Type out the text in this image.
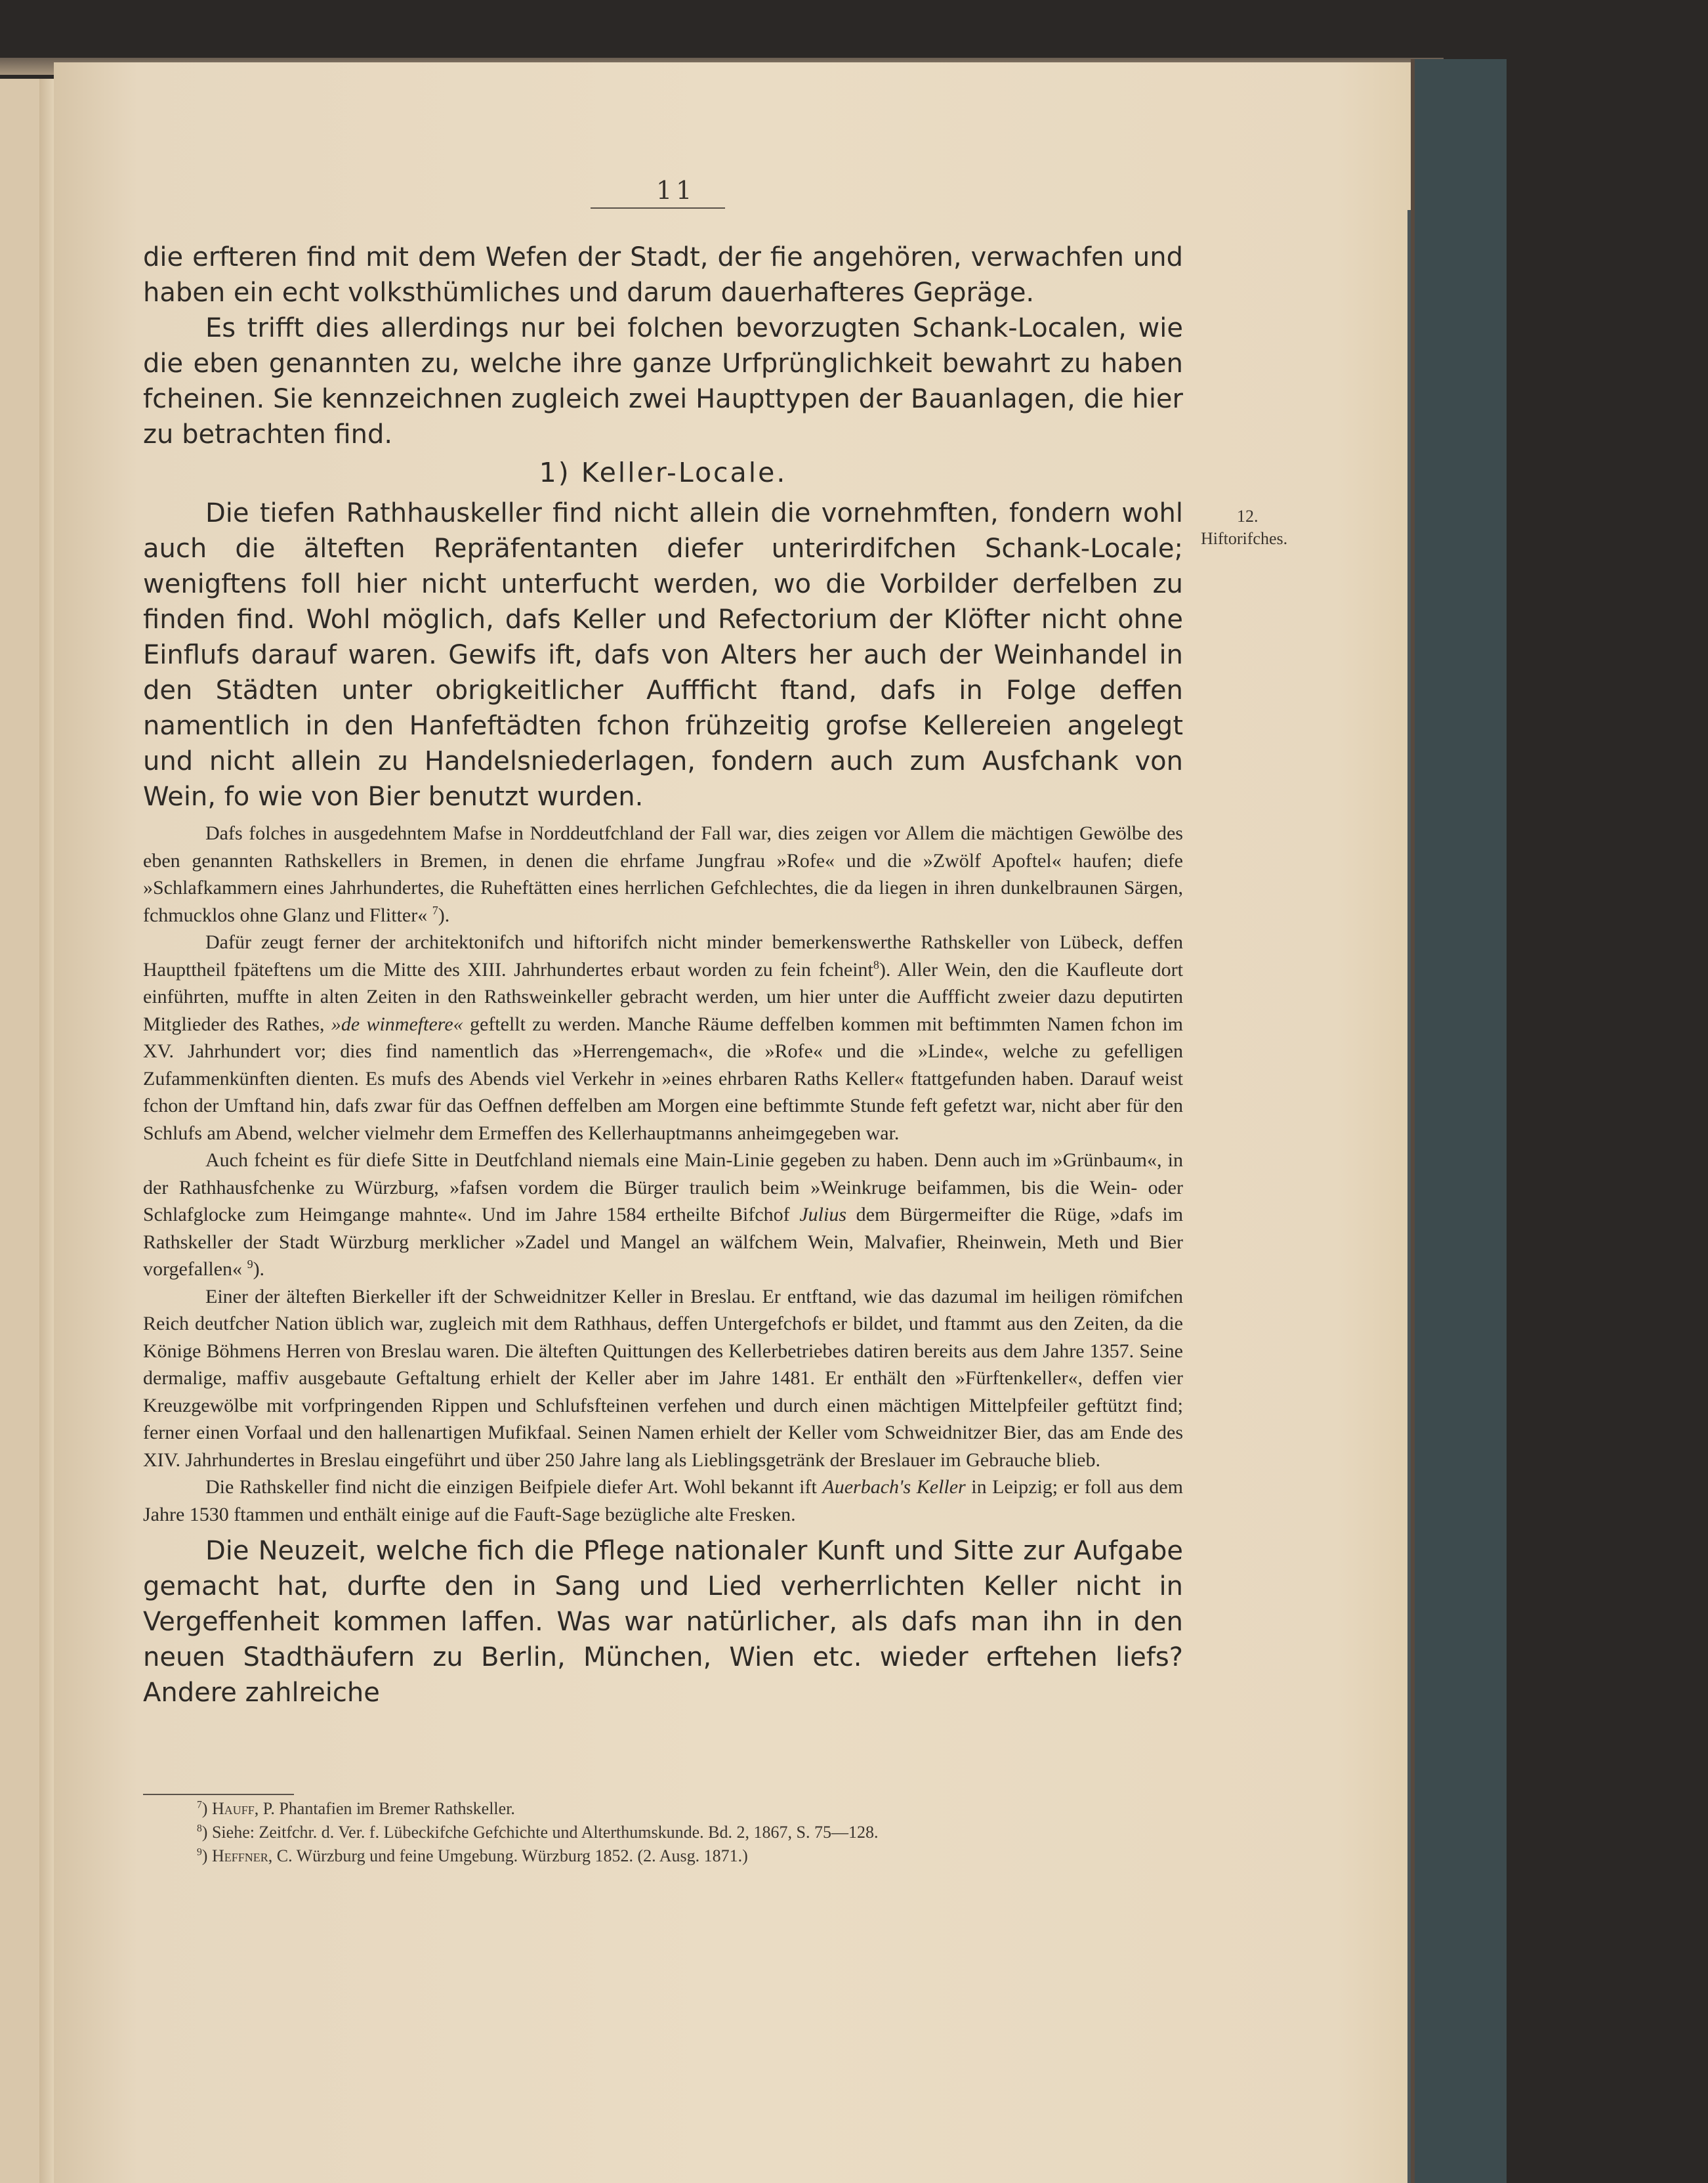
11
12.
Hiftorifches.

die erfteren find mit dem Wefen der Stadt, der fie angehören, verwachfen und haben ein echt volksthümliches und darum dauerhafteres Gepräge.

Es trifft dies allerdings nur bei folchen bevorzugten Schank-Localen, wie die eben genannten zu, welche ihre ganze Urfprünglichkeit bewahrt zu haben fcheinen. Sie kennzeichnen zugleich zwei Haupttypen der Bauanlagen, die hier zu betrachten find.

1) Keller-Locale.

Die tiefen Rathhauskeller find nicht allein die vornehmften, fondern wohl auch die älteften Repräfentanten diefer unterirdifchen Schank-Locale; wenigftens foll hier nicht unterfucht werden, wo die Vorbilder derfelben zu finden find. Wohl möglich, dafs Keller und Refectorium der Klöfter nicht ohne Einflufs darauf waren. Gewifs ift, dafs von Alters her auch der Weinhandel in den Städten unter obrigkeitlicher Auffficht ftand, dafs in Folge deffen namentlich in den Hanfeftädten fchon frühzeitig grofse Kellereien angelegt und nicht allein zu Handelsniederlagen, fondern auch zum Ausfchank von Wein, fo wie von Bier benutzt wurden.

Dafs folches in ausgedehntem Mafse in Norddeutfchland der Fall war, dies zeigen vor Allem die mächtigen Gewölbe des eben genannten Rathskellers in Bremen, in denen die ehrfame Jungfrau »Rofe« und die »Zwölf Apoftel« haufen; diefe »Schlafkammern eines Jahrhundertes, die Ruheftätten eines herrlichen Gefchlechtes, die da liegen in ihren dunkelbraunen Särgen, fchmucklos ohne Glanz und Flitter« $^7$).

Dafür zeugt ferner der architektonifch und hiftorifch nicht minder bemerkenswerthe Rathskeller von Lübeck, deffen Haupttheil fpäteftens um die Mitte des XIII. Jahrhundertes erbaut worden zu fein fcheint$^8$). Aller Wein, den die Kaufleute dort einführten, muffte in alten Zeiten in den Rathsweinkeller gebracht werden, um hier unter die Auffficht zweier dazu deputirten Mitglieder des Rathes, »de winmeftere« geftellt zu werden. Manche Räume deffelben kommen mit beftimmten Namen fchon im XV. Jahrhundert vor; dies find namentlich das »Herrengemach«, die »Rofe« und die »Linde«, welche zu gefelligen Zufammenkünften dienten. Es mufs des Abends viel Verkehr in »eines ehrbaren Raths Keller« ftattgefunden haben. Darauf weist fchon der Umftand hin, dafs zwar für das Oeffnen deffelben am Morgen eine beftimmte Stunde feft gefetzt war, nicht aber für den Schlufs am Abend, welcher vielmehr dem Ermeffen des Kellerhauptmanns anheimgegeben war.

Auch fcheint es für diefe Sitte in Deutfchland niemals eine Main-Linie gegeben zu haben. Denn auch im »Grünbaum«, in der Rathhausfchenke zu Würzburg, »fafsen vordem die Bürger traulich beim »Weinkruge beifammen, bis die Wein- oder Schlafglocke zum Heimgange mahnte«. Und im Jahre 1584 ertheilte Bifchof Julius dem Bürgermeifter die Rüge, »dafs im Rathskeller der Stadt Würzburg merklicher »Zadel und Mangel an wälfchem Wein, Malvafier, Rheinwein, Meth und Bier vorgefallen« $^9$).

Einer der älteften Bierkeller ift der Schweidnitzer Keller in Breslau. Er entftand, wie das dazumal im heiligen römifchen Reich deutfcher Nation üblich war, zugleich mit dem Rathhaus, deffen Untergefchofs er bildet, und ftammt aus den Zeiten, da die Könige Böhmens Herren von Breslau waren. Die älteften Quittungen des Kellerbetriebes datiren bereits aus dem Jahre 1357. Seine dermalige, maffiv ausgebaute Geftaltung erhielt der Keller aber im Jahre 1481. Er enthält den »Fürftenkeller«, deffen vier Kreuzgewölbe mit vorfpringenden Rippen und Schlufsfteinen verfehen und durch einen mächtigen Mittelpfeiler geftützt find; ferner einen Vorfaal und den hallenartigen Mufikfaal. Seinen Namen erhielt der Keller vom Schweidnitzer Bier, das am Ende des XIV. Jahrhundertes in Breslau eingeführt und über 250 Jahre lang als Lieblingsgetränk der Breslauer im Gebrauche blieb.

Die Rathskeller find nicht die einzigen Beifpiele diefer Art. Wohl bekannt ift Auerbach's Keller in Leipzig; er foll aus dem Jahre 1530 ftammen und enthält einige auf die Fauft-Sage bezügliche alte Fresken.

Die Neuzeit, welche fich die Pflege nationaler Kunft und Sitte zur Aufgabe gemacht hat, durfte den in Sang und Lied verherrlichten Keller nicht in Vergeffenheit kommen laffen. Was war natürlicher, als dafs man ihn in den neuen Stadthäufern zu Berlin, München, Wien etc. wieder erftehen liefs? Andere zahlreiche

$^7$) Hauff, P. Phantafien im Bremer Rathskeller.
$^8$) Siehe: Zeitfchr. d. Ver. f. Lübeckifche Gefchichte und Alterthumskunde. Bd. 2, 1867, S. 75—128.
$^9$) Heffner, C. Würzburg und feine Umgebung. Würzburg 1852. (2. Ausg. 1871.)
